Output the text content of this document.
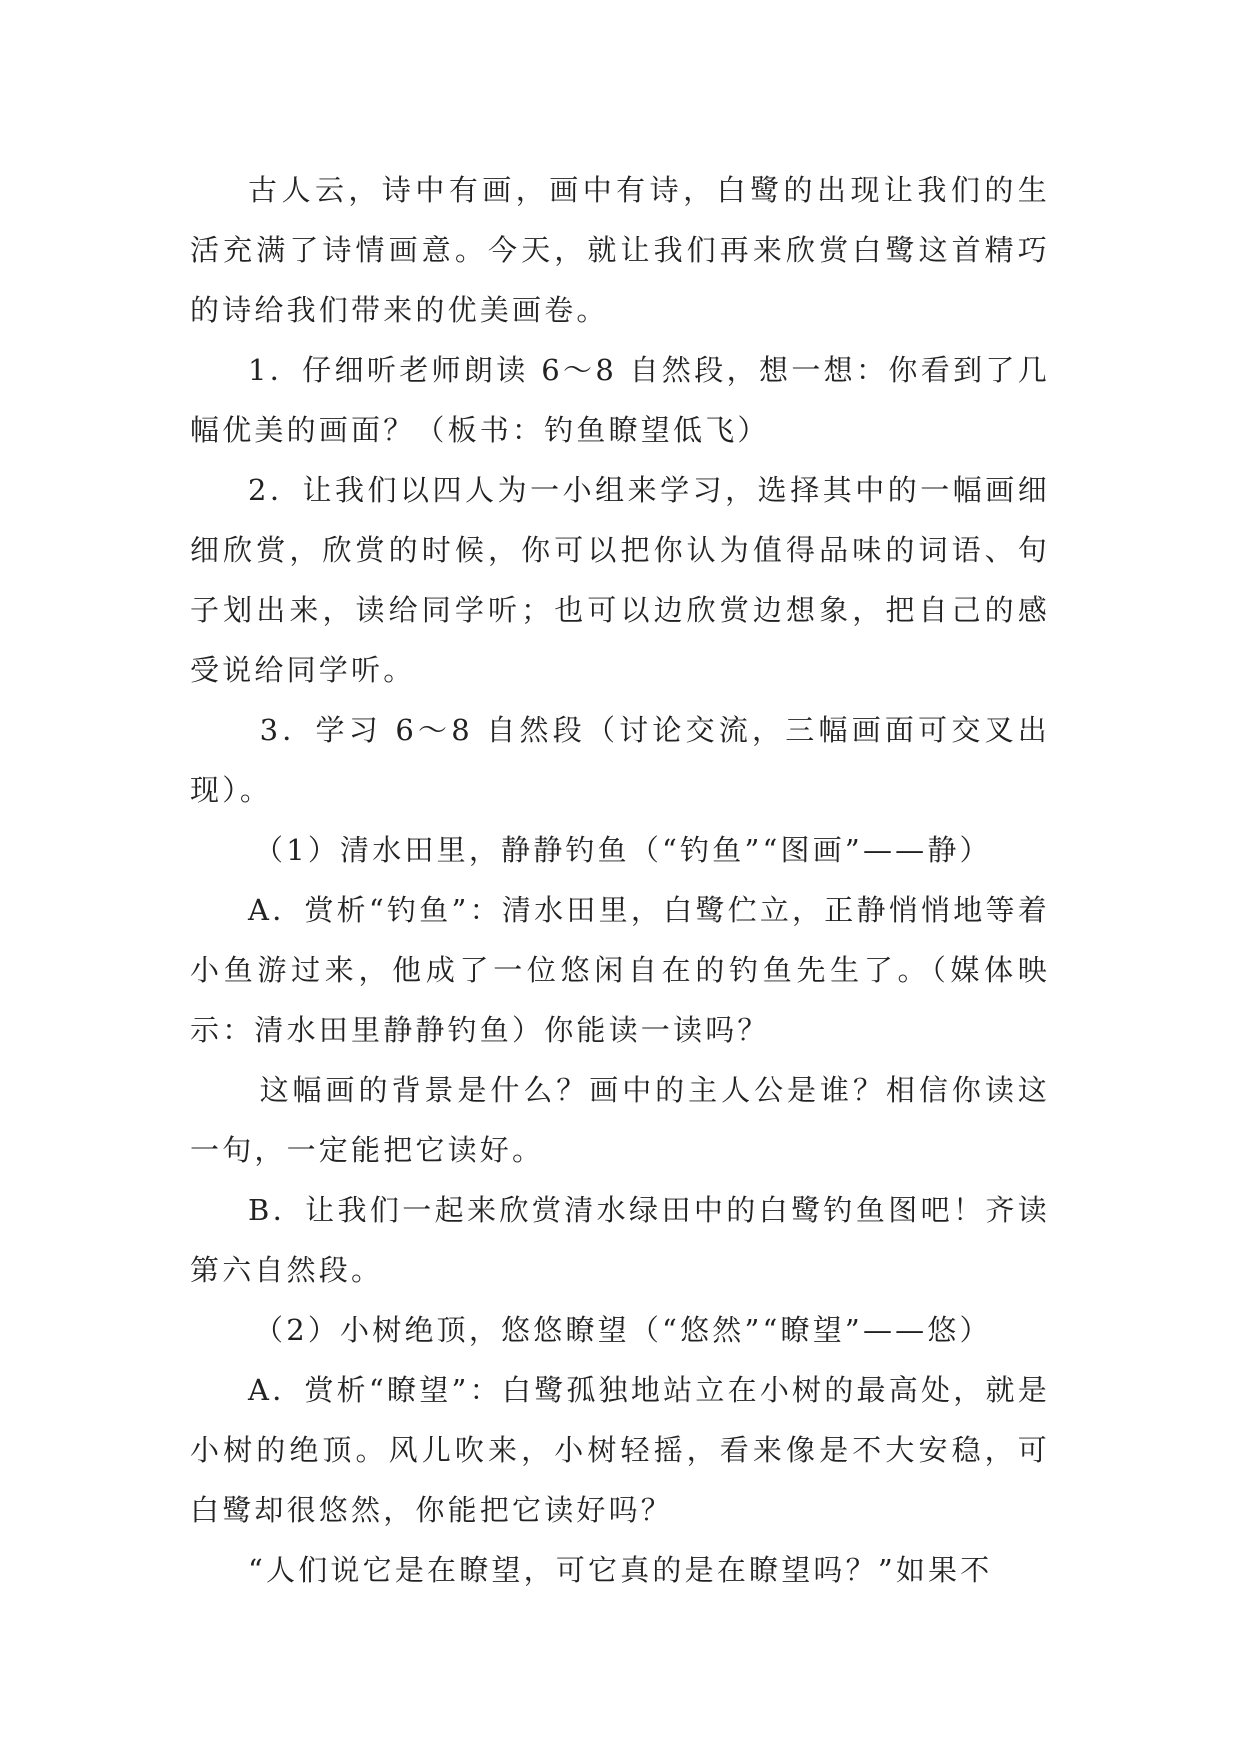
古人云，诗中有画，画中有诗，白鹭的出现让我们的生活充满了诗情画意。今天，就让我们再来欣赏白鹭这首精巧的诗给我们带来的优美画卷。

1．仔细听老师朗读 6～8 自然段，想一想：你看到了几幅优美的画面？（板书：钓鱼瞭望低飞）

2．让我们以四人为一小组来学习，选择其中的一幅画细细欣赏，欣赏的时候，你可以把你认为值得品味的词语、句子划出来，读给同学听；也可以边欣赏边想象，把自己的感受说给同学听。

3．学习 6～8 自然段（讨论交流，三幅画面可交叉出现）。

（1）清水田里，静静钓鱼（“钓鱼”“图画”——静）

A．赏析“钓鱼”：清水田里，白鹭伫立，正静悄悄地等着小鱼游过来，他成了一位悠闲自在的钓鱼先生了。（媒体映示：清水田里静静钓鱼）你能读一读吗？

这幅画的背景是什么？画中的主人公是谁？相信你读这一句，一定能把它读好。

B．让我们一起来欣赏清水绿田中的白鹭钓鱼图吧！齐读第六自然段。

（2）小树绝顶，悠悠瞭望（“悠然”“瞭望”——悠）

A．赏析“瞭望”：白鹭孤独地站立在小树的最高处，就是小树的绝顶。风儿吹来，小树轻摇，看来像是不大安稳，可白鹭却很悠然，你能把它读好吗？

“人们说它是在瞭望，可它真的是在瞭望吗？”如果不
